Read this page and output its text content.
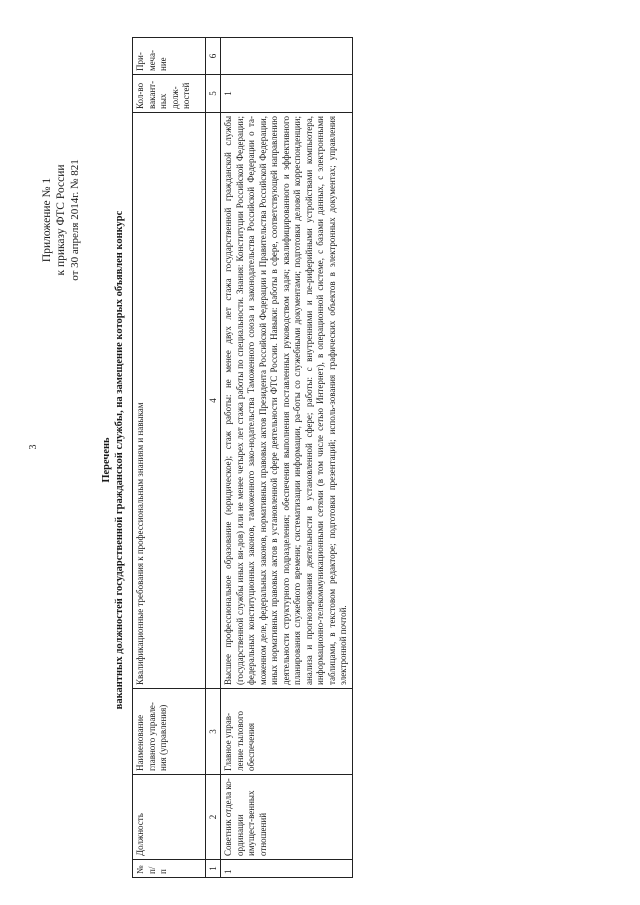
3
Приложение № 1 к приказу ФТС России от 30 апреля 2014г. № 821
Перечень вакантных должностей государственной гражданской службы, на замещение которых объявлен конкурс
№ п/п	Должность	Наименование главного управле-ния (управления)	Квалификационные требования к профессиональным знаниям и навыкам	Кол-во вакант-ных долж-ностей	При-меча-ние
1	2	3	4	5	6
1	Советник отдела ко-ординации имущест-венных отношений	Главное управ-ление тылового обеспечения	Высшее профессиональное образование (юридическое); стаж работы: не менее двух лет стажа государственной гражданской службы (государственной службы иных ви-дов) или не менее четырех лет стажа работы по специальности. Знания: Конституции Российской Федерации; федеральных конституционных законов, таможенного зако-нодательства Таможенного союза и законодательства Российской Федерации о та-моженном деле, федеральных законов, нормативных правовых актов Президента Российской Федерации и Правительства Российской Федерации, иных нормативных правовых актов в установленной сфере деятельности ФТС России. Навыки: работы в сфере, соответствующей направлению деятельности структурного подразделения; обеспечения выполнения поставленных руководством задач; квалифицированного и эффективного планирования служебного времени; систематизации информации, ра-боты со служебными документами; подготовки деловой корреспонденции; анализа и прогнозирования деятельности в установленной сфере; работы: с внутренними и пе-риферийными устройствами компьютера, информационно-телекоммуникационными сетями (в том числе сетью Интернет), в операционной системе, с базами данных, с электронными таблицами, в текстовом редакторе; подготовки презентаций; исполь-зования графических объектов в электронных документах; управления электронной почтой.	1	
